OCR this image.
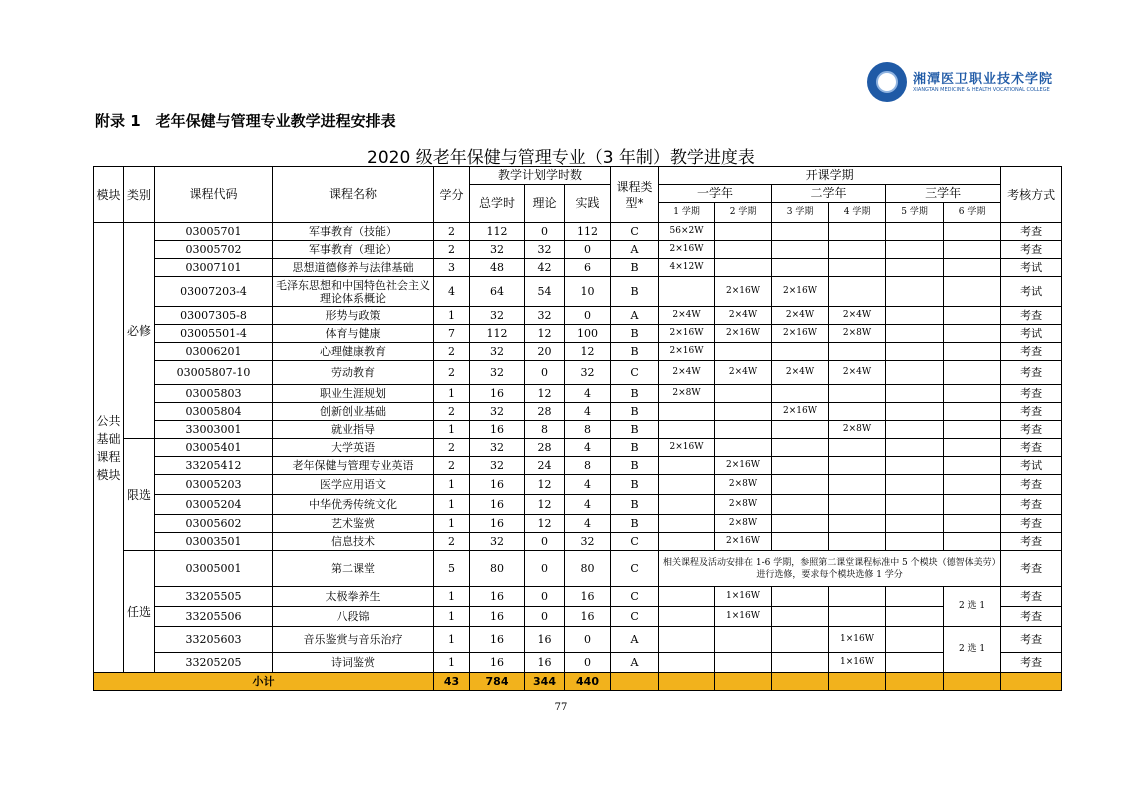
湘潭医卫职业技术学院
XIANGTAN MEDICINE & HEALTH VOCATIONAL COLLEGE
附录 1　老年保健与管理专业教学进程安排表
2020 级老年保健与管理专业（3 年制）教学进度表
模块	类别	课程代码	课程名称	学分	教学计划学时数			课程类型*	开课学期						考核方式
					总学时	理论	实践		一学年		二学年		三学年		
									1 学期	2 学期	3 学期	4 学期	5 学期	6 学期	
公共基础课程模块	必修	03005701	军事教育（技能）	2	112	0	112	C	56×2W						考查
		03005702	军事教育（理论）	2	32	32	0	A	2×16W						考查
		03007101	思想道德修养与法律基础	3	48	42	6	B	4×12W						考试
		03007203-4	毛泽东思想和中国特色社会主义理论体系概论	4	64	54	10	B		2×16W	2×16W				考试
		03007305-8	形势与政策	1	32	32	0	A	2×4W	2×4W	2×4W	2×4W			考查
		03005501-4	体育与健康	7	112	12	100	B	2×16W	2×16W	2×16W	2×8W			考试
		03006201	心理健康教育	2	32	20	12	B	2×16W						考查
		03005807-10	劳动教育	2	32	0	32	C	2×4W	2×4W	2×4W	2×4W			考查
		03005803	职业生涯规划	1	16	12	4	B	2×8W						考查
		03005804	创新创业基础	2	32	28	4	B			2×16W				考查
		33003001	就业指导	1	16	8	8	B				2×8W			考查
	限选	03005401	大学英语	2	32	28	4	B	2×16W						考查
		33205412	老年保健与管理专业英语	2	32	24	8	B		2×16W					考试
		03005203	医学应用语文	1	16	12	4	B		2×8W					考查
		03005204	中华优秀传统文化	1	16	12	4	B		2×8W					考查
		03005602	艺术鉴赏	1	16	12	4	B		2×8W					考查
		03003501	信息技术	2	32	0	32	C		2×16W					考查
	任选	03005001	第二课堂	5	80	0	80	C	相关课程及活动安排在 1-6 学期，参照第二课堂课程标准中 5 个模块（德智体美劳）进行选修，要求每个模块选修 1 学分						考查
		33205505	太极拳养生	1	16	0	16	C		1×16W				2 选 1	考查
		33205506	八段锦	1	16	0	16	C		1×16W					考查
		33205603	音乐鉴赏与音乐治疗	1	16	16	0	A				1×16W		2 选 1	考查
		33205205	诗词鉴赏	1	16	16	0	A				1×16W			考查
小计				43	784	344	440								
77
